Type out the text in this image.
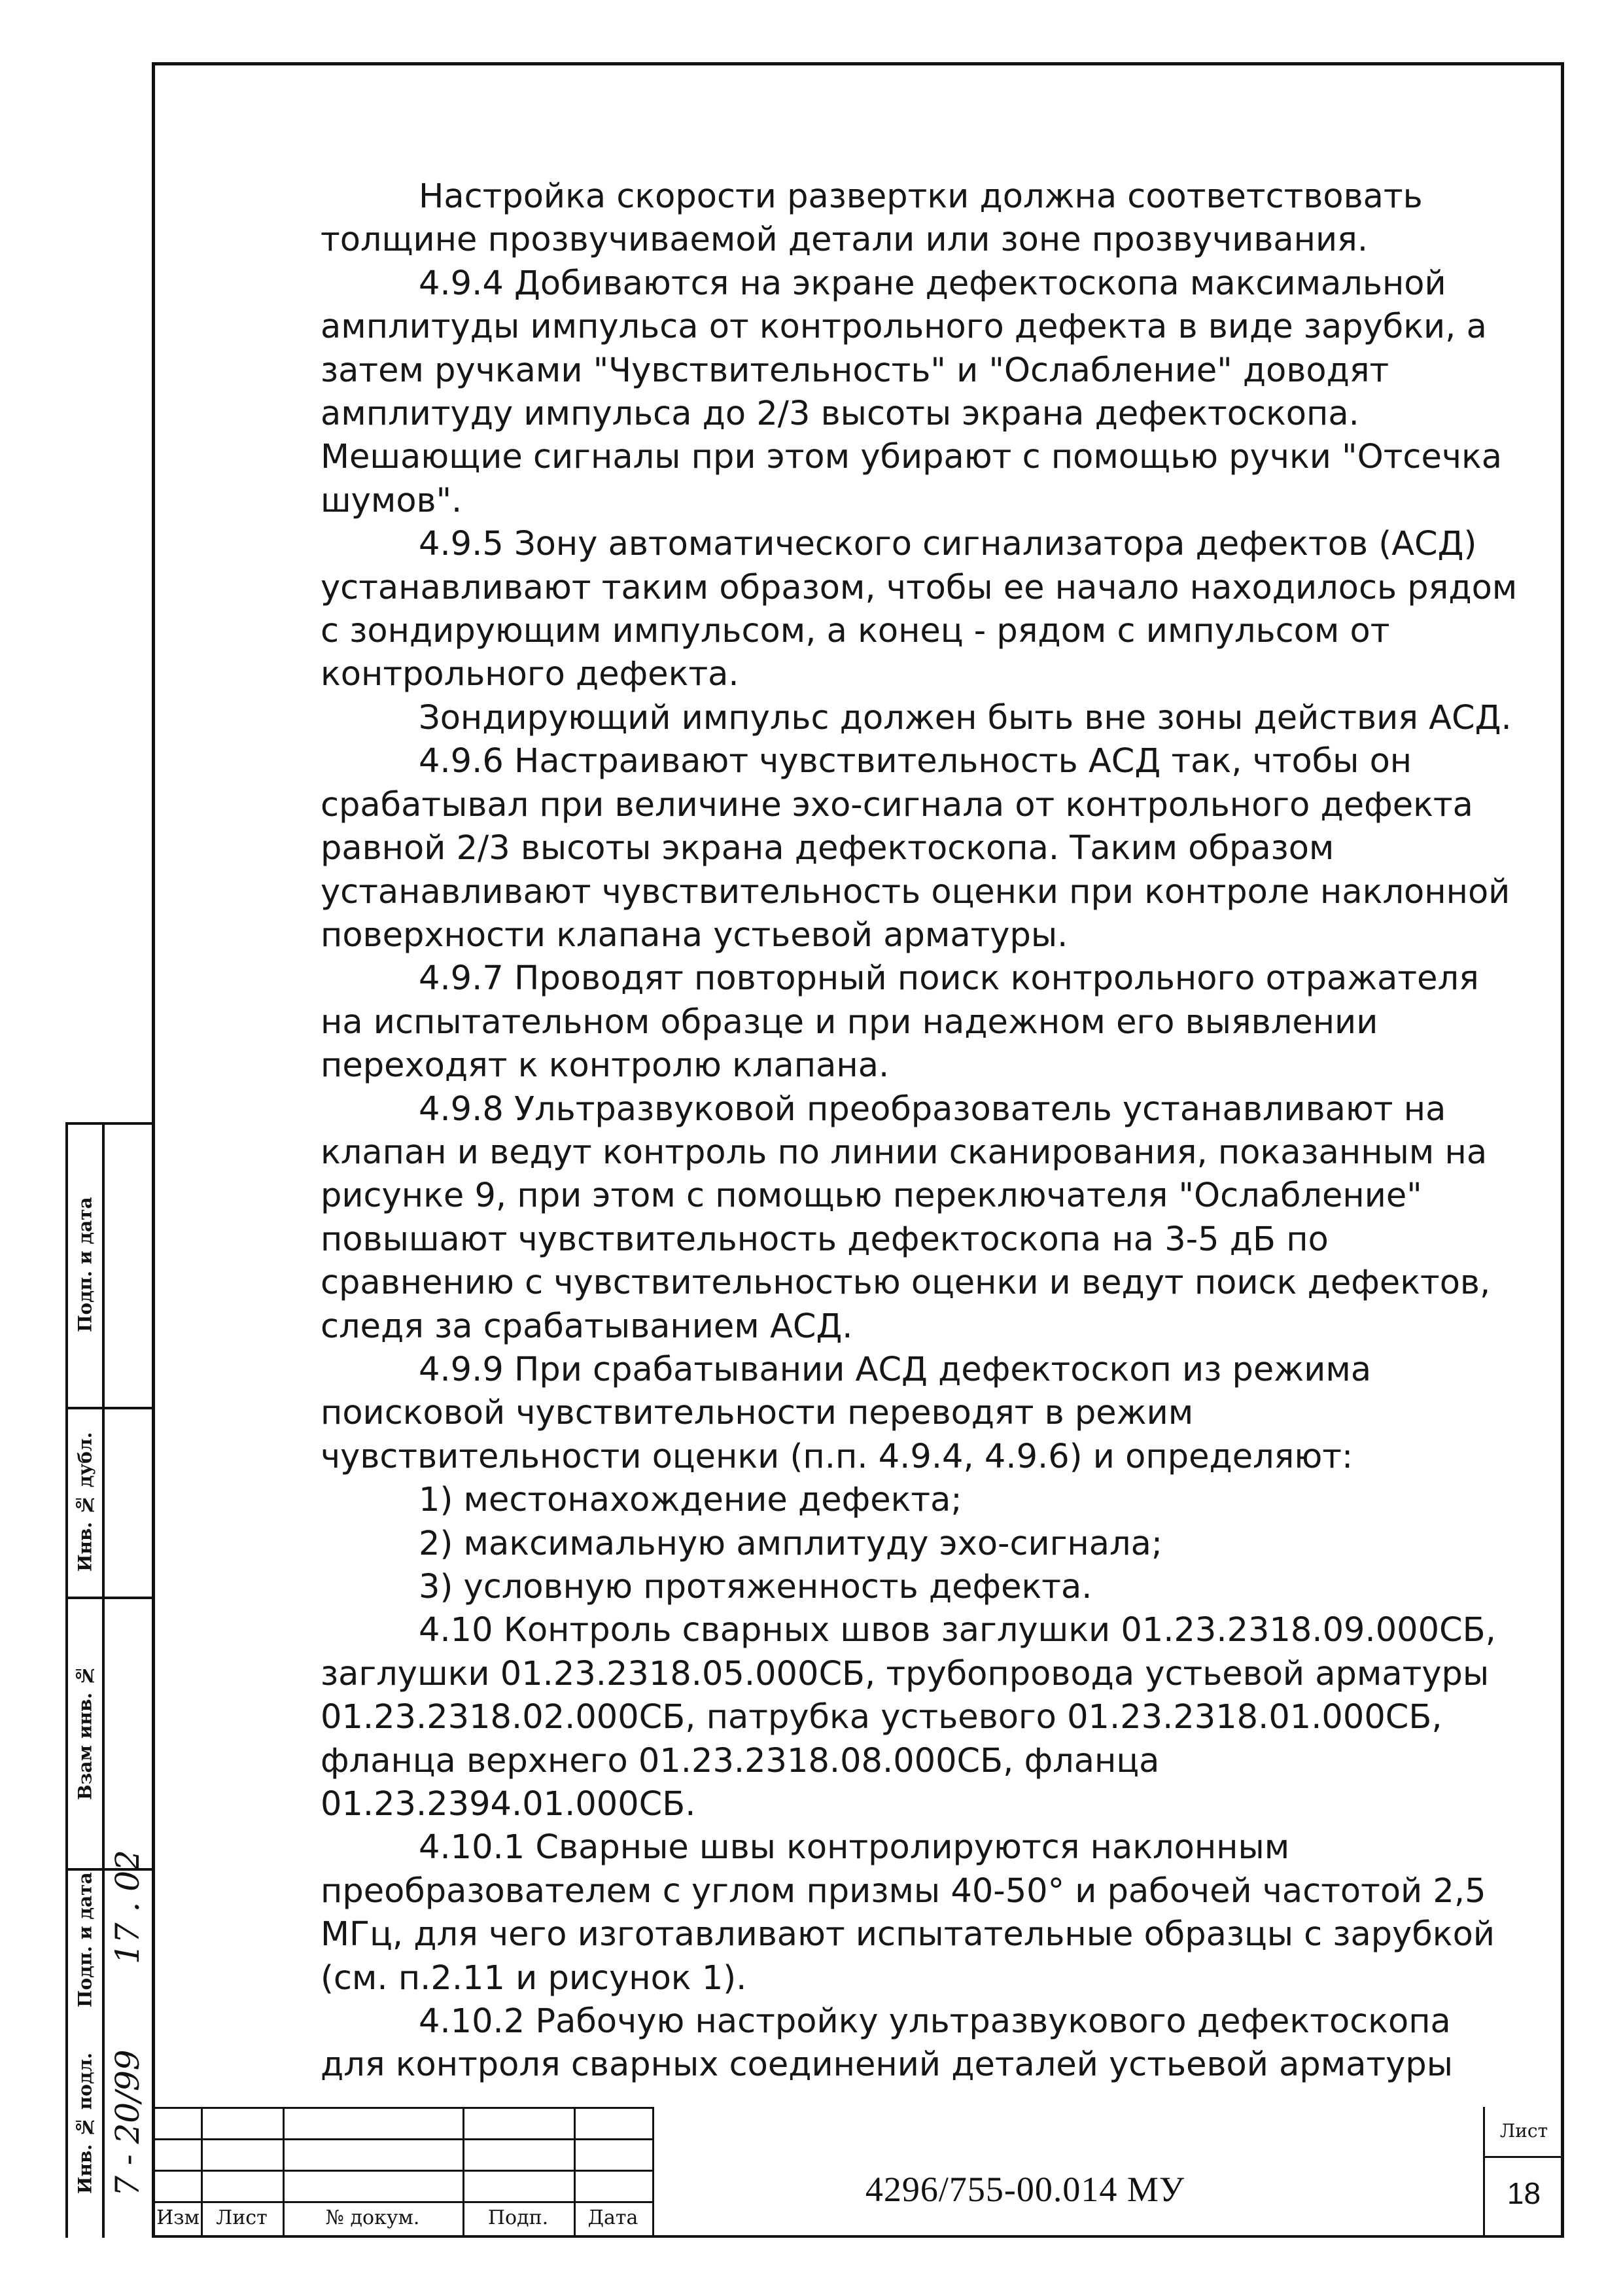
Настройка скорости развертки должна соответствовать толщине прозвучиваемой детали или зоне прозвучивания.

4.9.4 Добиваются на экране дефектоскопа максимальной амплитуды импульса от контрольного дефекта в виде зарубки, а затем ручками "Чувствительность" и "Ослабление" доводят амплитуду импульса до 2/3 высоты экрана дефектоскопа. Мешающие сигналы при этом убирают с помощью ручки "Отсечка шумов".

4.9.5 Зону автоматического сигнализатора дефектов (АСД) устанавливают таким образом, чтобы ее начало находилось рядом с зондирующим импульсом, а конец - рядом с импульсом от контрольного дефекта.

Зондирующий импульс должен быть вне зоны действия АСД.

4.9.6 Настраивают чувствительность АСД так, чтобы он срабатывал при величине эхо-сигнала от контрольного дефекта равной 2/3 высоты экрана дефектоскопа. Таким образом устанавливают чувствительность оценки при контроле наклонной поверхности клапана устьевой арматуры.

4.9.7 Проводят повторный поиск контрольного отражателя на испытательном образце и при надежном его выявлении переходят к контролю клапана.

4.9.8 Ультразвуковой преобразователь устанавливают на клапан и ведут контроль по линии сканирования, показанным на рисунке 9, при этом с помощью переключателя "Ослабление" повышают чувствительность дефектоскопа на 3-5 дБ по сравнению с чувствительностью оценки и ведут поиск дефектов, следя за срабатыванием АСД.

4.9.9 При срабатывании АСД дефектоскоп из режима поисковой чувствительности переводят в режим чувствительности оценки (п.п. 4.9.4, 4.9.6) и определяют:

1) местонахождение дефекта;

2) максимальную амплитуду эхо-сигнала;

3) условную протяженность дефекта.

4.10 Контроль сварных швов заглушки 01.23.2318.09.000СБ, заглушки 01.23.2318.05.000СБ, трубопровода устьевой арматуры 01.23.2318.02.000СБ, патрубка устьевого 01.23.2318.01.000СБ, фланца верхнего 01.23.2318.08.000СБ, фланца 01.23.2394.01.000СБ.

4.10.1 Сварные швы контролируются наклонным преобразователем с углом призмы 40-50° и рабочей частотой 2,5 МГц, для чего изготавливают испытательные образцы с зарубкой (см. п.2.11 и рисунок 1).

4.10.2 Рабочую настройку ультразвукового дефектоскопа для контроля сварных соединений деталей устьевой арматуры

Инв. № подл.
Подп. и дата
Взам инв. №
Инв. № дубл.
Подп. и дата
7 - 20/99
17 . 02
Изм Лист	№ докум.	Подп.	Дата
4296/755-00.014 МУ
Лист
18
